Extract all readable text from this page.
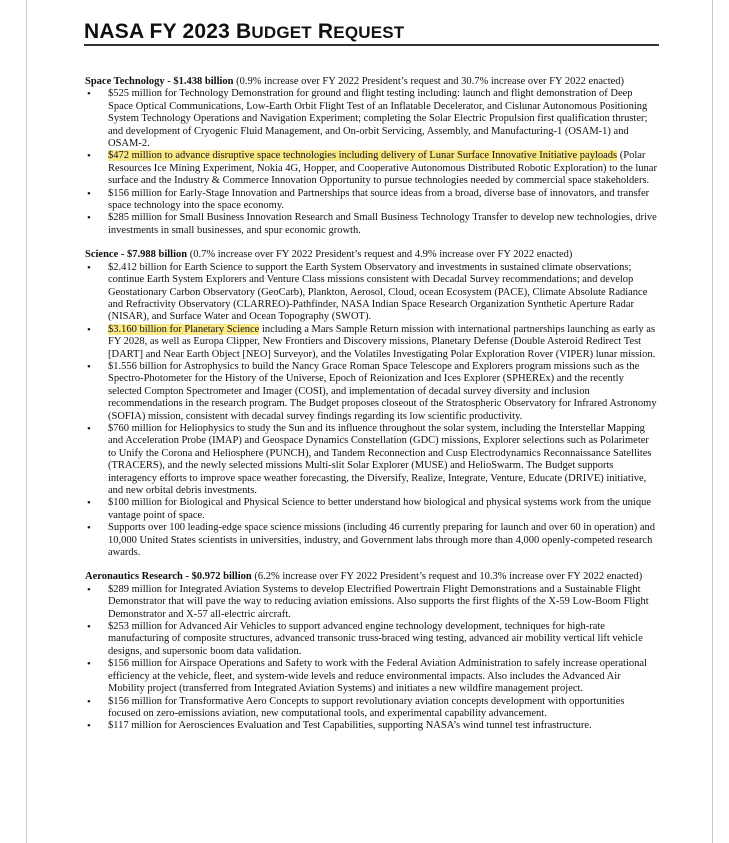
NASA FY 2023 BUDGET REQUEST

Space Technology - $1.438 billion (0.9% increase over FY 2022 President’s request and 30.7% increase over FY 2022 enacted)

• $525 million for Technology Demonstration for ground and flight testing including: launch and flight demonstration of Deep Space Optical Communications, Low-Earth Orbit Flight Test of an Inflatable Decelerator, and Cislunar Autonomous Positioning System Technology Operations and Navigation Experiment; completing the Solar Electric Propulsion first qualification thruster; and development of Cryogenic Fluid Management, and On-orbit Servicing, Assembly, and Manufacturing-1 (OSAM-1) and OSAM-2.
• $472 million to advance disruptive space technologies including delivery of Lunar Surface Innovative Initiative payloads (Polar Resources Ice Mining Experiment, Nokia 4G, Hopper, and Cooperative Autonomous Distributed Robotic Exploration) to the lunar surface and the Industry & Commerce Innovation Opportunity to pursue technologies needed by commercial space stakeholders.
• $156 million for Early-Stage Innovation and Partnerships that source ideas from a broad, diverse base of innovators, and transfer space technology into the space economy.
• $285 million for Small Business Innovation Research and Small Business Technology Transfer to develop new technologies, drive investments in small businesses, and spur economic growth.

Science - $7.988 billion (0.7% increase over FY 2022 President’s request and 4.9% increase over FY 2022 enacted)

• $2.412 billion for Earth Science to support the Earth System Observatory and investments in sustained climate observations; continue Earth System Explorers and Venture Class missions consistent with Decadal Survey recommendations; and develop Geostationary Carbon Observatory (GeoCarb), Plankton, Aerosol, Cloud, ocean Ecosystem (PACE), Climate Absolute Radiance and Refractivity Observatory (CLARREO)-Pathfinder, NASA Indian Space Research Organization Synthetic Aperture Radar (NISAR), and Surface Water and Ocean Topography (SWOT).
• $3.160 billion for Planetary Science including a Mars Sample Return mission with international partnerships launching as early as FY 2028, as well as Europa Clipper, New Frontiers and Discovery missions, Planetary Defense (Double Asteroid Redirect Test [DART] and Near Earth Object [NEO] Surveyor), and the Volatiles Investigating Polar Exploration Rover (VIPER) lunar mission.
• $1.556 billion for Astrophysics to build the Nancy Grace Roman Space Telescope and Explorers program missions such as the Spectro-Photometer for the History of the Universe, Epoch of Reionization and Ices Explorer (SPHEREx) and the recently selected Compton Spectrometer and Imager (COSI), and implementation of decadal survey diversity and inclusion recommendations in the research program. The Budget proposes closeout of the Stratospheric Observatory for Infrared Astronomy (SOFIA) mission, consistent with decadal survey findings regarding its low scientific productivity.
• $760 million for Heliophysics to study the Sun and its influence throughout the solar system, including the Interstellar Mapping and Acceleration Probe (IMAP) and Geospace Dynamics Constellation (GDC) missions, Explorer selections such as Polarimeter to Unify the Corona and Heliosphere (PUNCH), and Tandem Reconnection and Cusp Electrodynamics Reconnaissance Satellites (TRACERS), and the newly selected missions Multi-slit Solar Explorer (MUSE) and HelioSwarm. The Budget supports interagency efforts to improve space weather forecasting, the Diversify, Realize, Integrate, Venture, Educate (DRIVE) initiative, and new orbital debris investments.
• $100 million for Biological and Physical Science to better understand how biological and physical systems work from the unique vantage point of space.
• Supports over 100 leading-edge space science missions (including 46 currently preparing for launch and over 60 in operation) and 10,000 United States scientists in universities, industry, and Government labs through more than 4,000 openly-competed research awards.

Aeronautics Research - $0.972 billion (6.2% increase over FY 2022 President’s request and 10.3% increase over FY 2022 enacted)

• $289 million for Integrated Aviation Systems to develop Electrified Powertrain Flight Demonstrations and a Sustainable Flight Demonstrator that will pave the way to reducing aviation emissions. Also supports the first flights of the X-59 Low-Boom Flight Demonstrator and X-57 all-electric aircraft.
• $253 million for Advanced Air Vehicles to support advanced engine technology development, techniques for high-rate manufacturing of composite structures, advanced transonic truss-braced wing testing, advanced air mobility vertical lift vehicle designs, and supersonic boom data validation.
• $156 million for Airspace Operations and Safety to work with the Federal Aviation Administration to safely increase operational efficiency at the vehicle, fleet, and system-wide levels and reduce environmental impacts. Also includes the Advanced Air Mobility project (transferred from Integrated Aviation Systems) and initiates a new wildfire management project.
• $156 million for Transformative Aero Concepts to support revolutionary aviation concepts development with opportunities focused on zero-emissions aviation, new computational tools, and experimental capability advancement.
• $117 million for Aerosciences Evaluation and Test Capabilities, supporting NASA’s wind tunnel test infrastructure.
